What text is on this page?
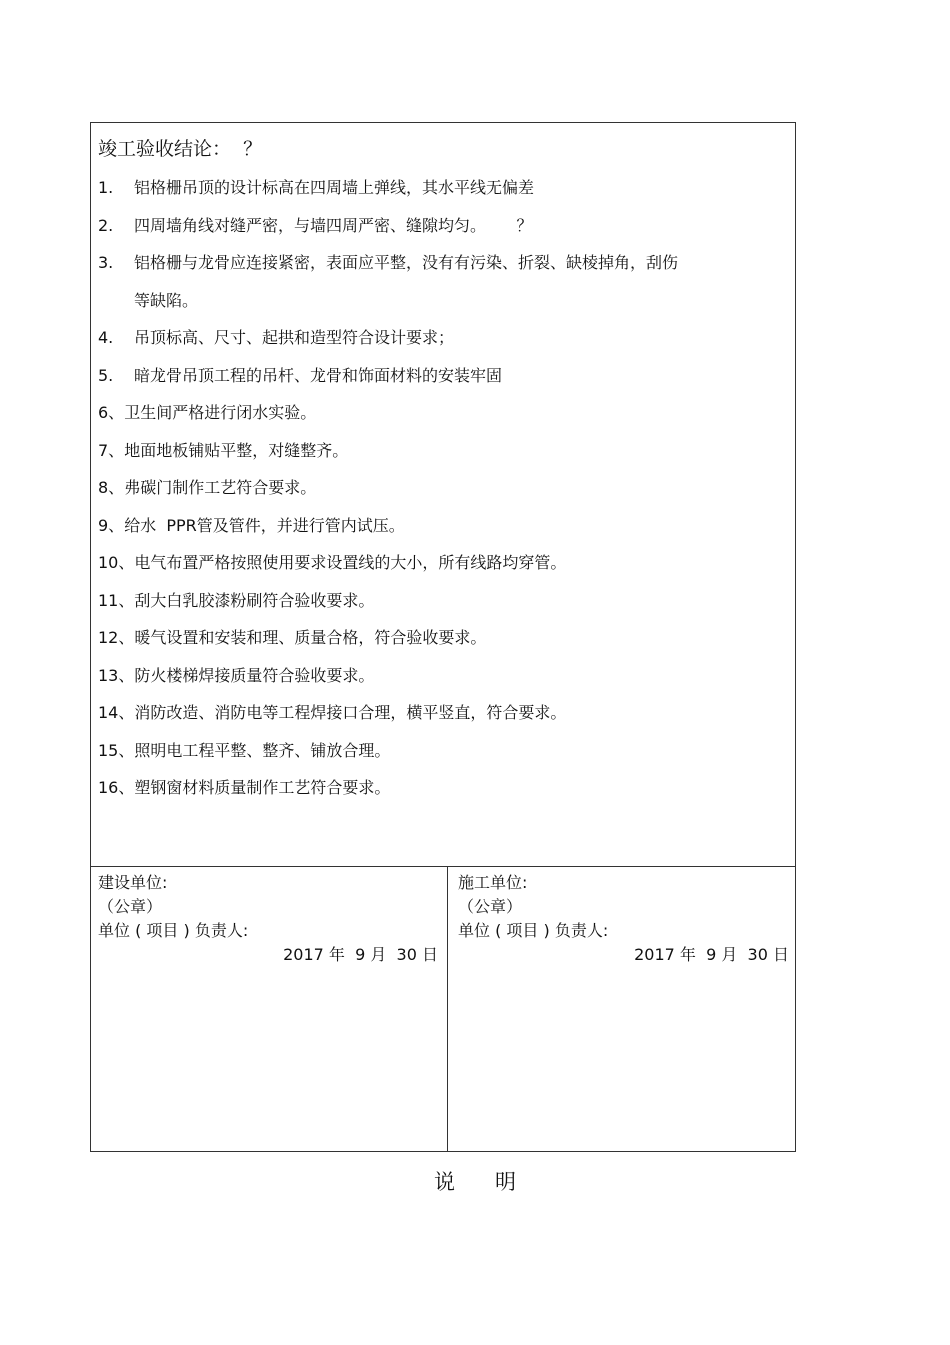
竣工验收结论：  ？
1. 铝格栅吊顶的设计标高在四周墙上弹线，其水平线无偏差
2. 四周墙角线对缝严密，与墙四周严密、缝隙均匀。      ？
3. 铝格栅与龙骨应连接紧密，表面应平整，没有有污染、折裂、缺棱掉角，刮伤
等缺陷。
4. 吊顶标高、尺寸、起拱和造型符合设计要求；
5. 暗龙骨吊顶工程的吊杆、龙骨和饰面材料的安装牢固
6、卫生间严格进行闭水实验。
7、地面地板铺贴平整，对缝整齐。
8、弗碳门制作工艺符合要求。
9、给水  PPR管及管件，并进行管内试压。
10、电气布置严格按照使用要求设置线的大小，所有线路均穿管。
11、刮大白乳胶漆粉刷符合验收要求。
12、暖气设置和安装和理、质量合格，符合验收要求。
13、防火楼梯焊接质量符合验收要求。
14、消防改造、消防电等工程焊接口合理，横平竖直，符合要求。
15、照明电工程平整、整齐、铺放合理。
16、塑钢窗材料质量制作工艺符合要求。
建设单位:
（公章）
单位 ( 项目 ) 负责人:
2017 年  9 月  30 日
施工单位:
（公章）
单位 ( 项目 ) 负责人:
2017 年  9 月  30 日
说      明
